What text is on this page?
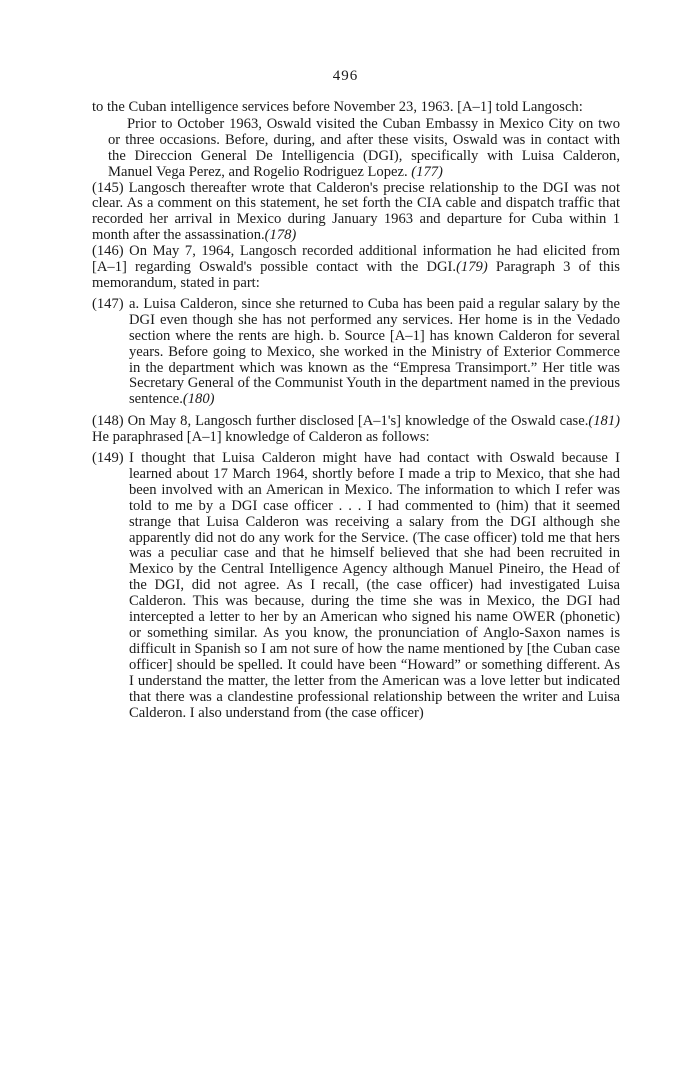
496

to the Cuban intelligence services before November 23, 1963. [A–1] told Langosch:

Prior to October 1963, Oswald visited the Cuban Embassy in Mexico City on two or three occasions. Before, during, and after these visits, Oswald was in contact with the Direccion General De Intelligencia (DGI), specifically with Luisa Calderon, Manuel Vega Perez, and Rogelio Rodriguez Lopez. (177)

(145) Langosch thereafter wrote that Calderon's precise relationship to the DGI was not clear. As a comment on this statement, he set forth the CIA cable and dispatch traffic that recorded her arrival in Mexico during January 1963 and departure for Cuba within 1 month after the assassination.(178)

(146) On May 7, 1964, Langosch recorded additional information he had elicited from [A–1] regarding Oswald's possible contact with the DGI.(179) Paragraph 3 of this memorandum, stated in part:

(147) a. Luisa Calderon, since she returned to Cuba has been paid a regular salary by the DGI even though she has not performed any services. Her home is in the Vedado section where the rents are high. b. Source [A–1] has known Calderon for several years. Before going to Mexico, she worked in the Ministry of Exterior Commerce in the department which was known as the “Empresa Transimport.” Her title was Secretary General of the Communist Youth in the department named in the previous sentence.(180)

(148) On May 8, Langosch further disclosed [A–1's] knowledge of the Oswald case.(181) He paraphrased [A–1] knowledge of Calderon as follows:

(149) I thought that Luisa Calderon might have had contact with Oswald because I learned about 17 March 1964, shortly before I made a trip to Mexico, that she had been involved with an American in Mexico. The information to which I refer was told to me by a DGI case officer . . . I had commented to (him) that it seemed strange that Luisa Calderon was receiving a salary from the DGI although she apparently did not do any work for the Service. (The case officer) told me that hers was a peculiar case and that he himself believed that she had been recruited in Mexico by the Central Intelligence Agency although Manuel Pineiro, the Head of the DGI, did not agree. As I recall, (the case officer) had investigated Luisa Calderon. This was because, during the time she was in Mexico, the DGI had intercepted a letter to her by an American who signed his name OWER (phonetic) or something similar. As you know, the pronunciation of Anglo-Saxon names is difficult in Spanish so I am not sure of how the name mentioned by [the Cuban case officer] should be spelled. It could have been “Howard” or something different. As I understand the matter, the letter from the American was a love letter but indicated that there was a clandestine professional relationship between the writer and Luisa Calderon. I also understand from (the case officer)
